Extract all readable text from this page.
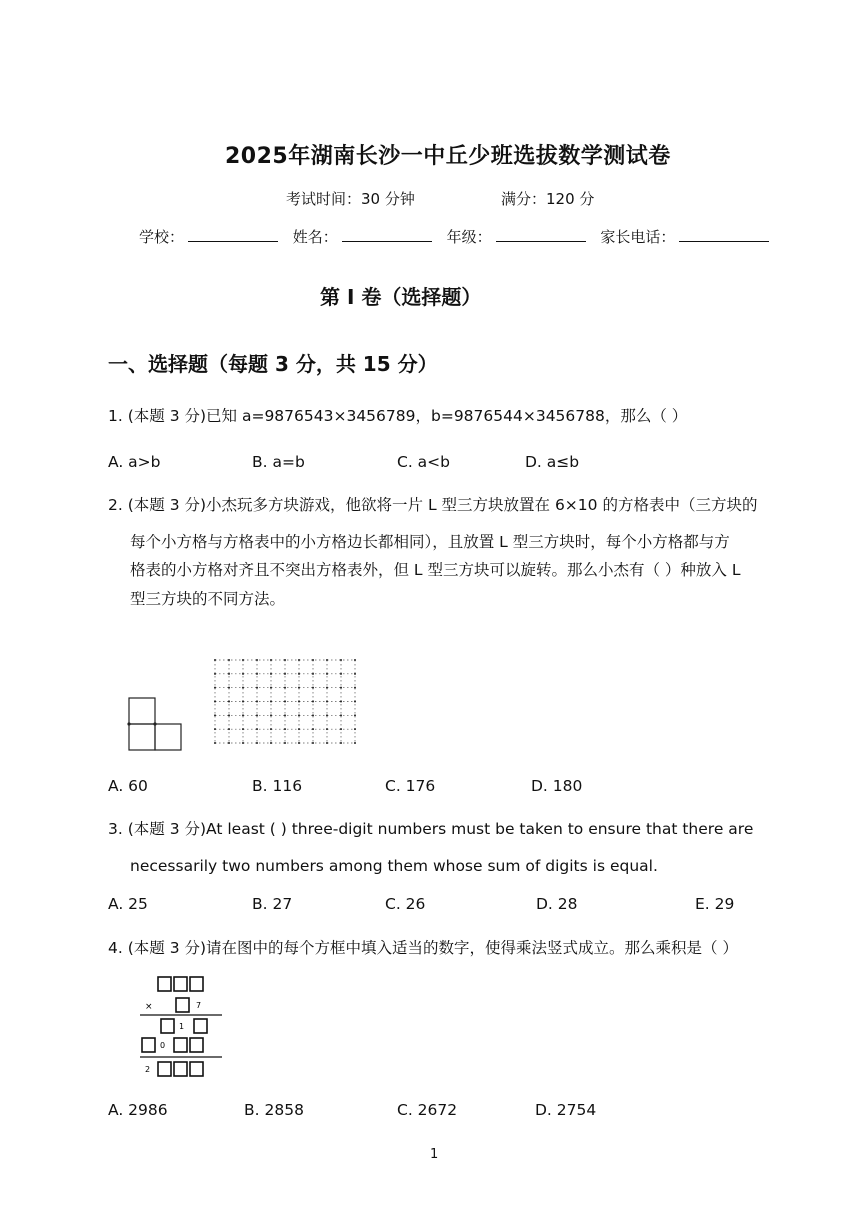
2025年湖南长沙一中丘少班选拔数学测试卷
考试时间：30 分钟	满分：120 分
学校：	姓名：	年级：	家长电话：
第 I 卷（选择题）
一、选择题（每题 3 分，共 15 分）
1. (本题 3 分)已知 a=9876543×3456789，b=9876544×3456788，那么（ ）
A. a>b	B. a=b	C. a<b	D. a≤b
2. (本题 3 分)小杰玩多方块游戏，他欲将一片 L 型三方块放置在 6×10 的方格表中（三方块的
每个小方格与方格表中的小方格边长都相同），且放置 L 型三方块时，每个小方格都与方
格表的小方格对齐且不突出方格表外，但 L 型三方块可以旋转。那么小杰有（ ）种放入 L
型三方块的不同方法。
A. 60	B. 116	C. 176	D. 180
3. (本题 3 分)At least ( ) three-digit numbers must be taken to ensure that there are
necessarily two numbers among them whose sum of digits is equal.
A. 25	B. 27	C. 26	D. 28	E. 29
4. (本题 3 分)请在图中的每个方框中填入适当的数字，使得乘法竖式成立。那么乘积是（ ）
×	7
1
0
2
A. 2986	B. 2858	C. 2672	D. 2754
1
